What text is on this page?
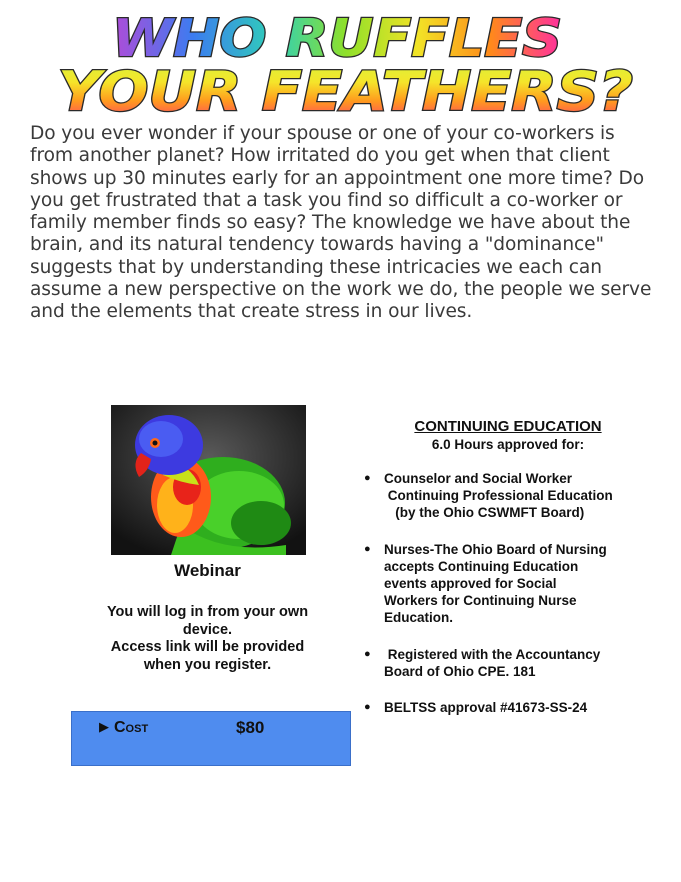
WHO RUFFLES
YOUR FEATHERS?

Do you ever wonder if your spouse or one of your co-workers is from another planet? How irritated do you get when that client shows up 30 minutes early for an appointment one more time? Do you get frustrated that a task you find so difficult a co-worker or family member finds so easy? The knowledge we have about the brain, and its natural tendency towards having a "dominance" suggests that by understanding these intricacies we each can assume a new perspective on the work we do, the people we serve and the elements that create stress in our lives.

Webinar
You will log in from your own
device.
Access link will be provided
when you register.
▶ Cost	$80
CONTINUING EDUCATION
6.0 Hours approved for:
● Counselor and Social Worker
Continuing Professional Education
(by the Ohio CSWMFT Board)
● Nurses-The Ohio Board of Nursing
accepts Continuing Education
events approved for Social
Workers for Continuing Nurse
Education.
● Registered with the Accountancy
Board of Ohio CPE. 181
● BELTSS approval #41673-SS-24
